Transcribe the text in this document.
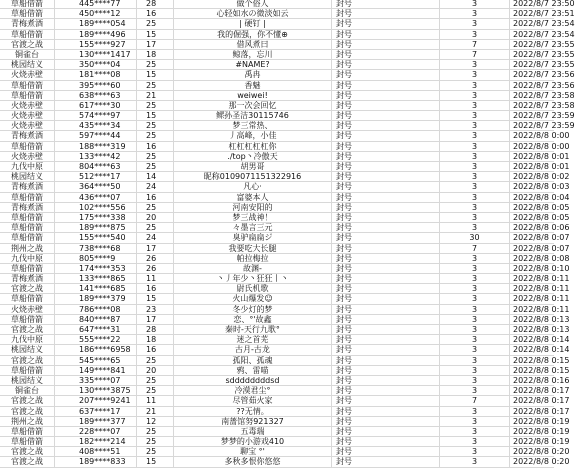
草船借箭	445****77	28	做个俗人	封号	3	2022/8/7 23:50
草船借箭	450****12	16	心轻如水の微淡如云	封号	3	2022/8/7 23:51
青梅煮酒	189****054	25	| 硬钉 |	封号	3	2022/8/7 23:54
草船借箭	189****496	15	我的倔强，你不懂⊕	封号	3	2022/8/7 23:54
官渡之战	155****927	17	借风煮曰	封号	7	2022/8/7 23:55
铜雀台	130****1417	18	鲸落，忘川	封号	7	2022/8/7 23:55
桃园结义	350****04	25	#NAME?	封号	3	2022/8/7 23:55
火烧赤壁	181****08	15	禹冉	封号	3	2022/8/7 23:56
草船借箭	395****60	25	香魅	封号	3	2022/8/7 23:56
草船借箭	638****63	21	weiwei!	封号	3	2022/8/7 23:58
火烧赤壁	617****30	25	那一次会回忆	封号	3	2022/8/7 23:58
火烧赤壁	574****97	15	鳏孙圣洁30115746	封号	3	2022/8/7 23:59
火烧赤壁	435****34	25	梦三常热、	封号	3	2022/8/7 23:59
青梅煮酒	597****44	25	丿高峰，小佳	封号	3	2022/8/8 0:00
草船借箭	188****319	16	杠杠杠杠杠你	封号	3	2022/8/8 0:00
火烧赤壁	133****42	25	./top丶冷傲天	封号	3	2022/8/8 0:01
九伐中原	804****63	25	胡男哥	封号	3	2022/8/8 0:01
桃园结义	512****17	14	昵称0109071151322916	封号	3	2022/8/8 0:02
青梅煮酒	364****50	24	凡心·	封号	3	2022/8/8 0:03
草船借箭	436****07	16	富婆本人	封号	3	2022/8/8 0:04
青梅煮酒	102****556	25	河南安阳的	封号	3	2022/8/8 0:05
草船借箭	175****338	20	梦三战神！	封号	3	2022/8/8 0:05
草船借箭	189****875	25	々墨言三元	封号	3	2022/8/8 0:06
草船借箭	155****540	24	臭驴扁扁ジ	封号	30	2022/8/8 0:07
荆州之战	738****68	17	我要吃大长腿	封号	7	2022/8/8 0:07
九伐中原	805****9	26	帕拉梅拉	封号	3	2022/8/8 0:08
草船借箭	174****353	26	故渊-	封号	3	2022/8/8 0:10
青梅煮酒	133****865	11	丶丿年少丶狂狂丨丶	封号	3	2022/8/8 0:11
官渡之战	141****685	16	尉氏机歌	封号	3	2022/8/8 0:11
草船借箭	189****379	15	火山爆发☺	封号	3	2022/8/8 0:11
火烧赤壁	786****08	23	冬少灯的梦	封号	3	2022/8/8 0:11
草船借箭	840****87	17	恋、°'故鑫	封号	3	2022/8/8 0:13
官渡之战	647****31	28	秦时-天行九歌°	封号	3	2022/8/8 0:13
九伐中原	555****22	18	迷之首芜	封号	3	2022/8/8 0:14
桃园结义	186****6958	16	古月-古龙	封号	3	2022/8/8 0:14
官渡之战	545****65	25	孤阳、孤魂	封号	3	2022/8/8 0:15
草船借箭	149****841	20	鸦、雷喵	封号	3	2022/8/8 0:15
桃园结义	335****07	25	sddddddddsd	封号	3	2022/8/8 0:16
铜雀台	130****3875	25	冷漠君尘°	封号	3	2022/8/8 0:17
官渡之战	207****9241	11	尽管茹火家	封号	7	2022/8/8 0:17
官渡之战	637****17	21	??无情。	封号	3	2022/8/8 0:17
荆州之战	189****377	12	南蔷馆努921327	封号	3	2022/8/8 0:19
草船借箭	228****07	25	五毒瑞	封号	3	2022/8/8 0:19
草船借箭	182****214	25	梦梦的小游戏410	封号	3	2022/8/8 0:19
官渡之战	408****51	25	聊宝 °'	封号	3	2022/8/8 0:20
官渡之战	189****833	15	多秋多恨你悠悠	封号	3	2022/8/8 0:20
